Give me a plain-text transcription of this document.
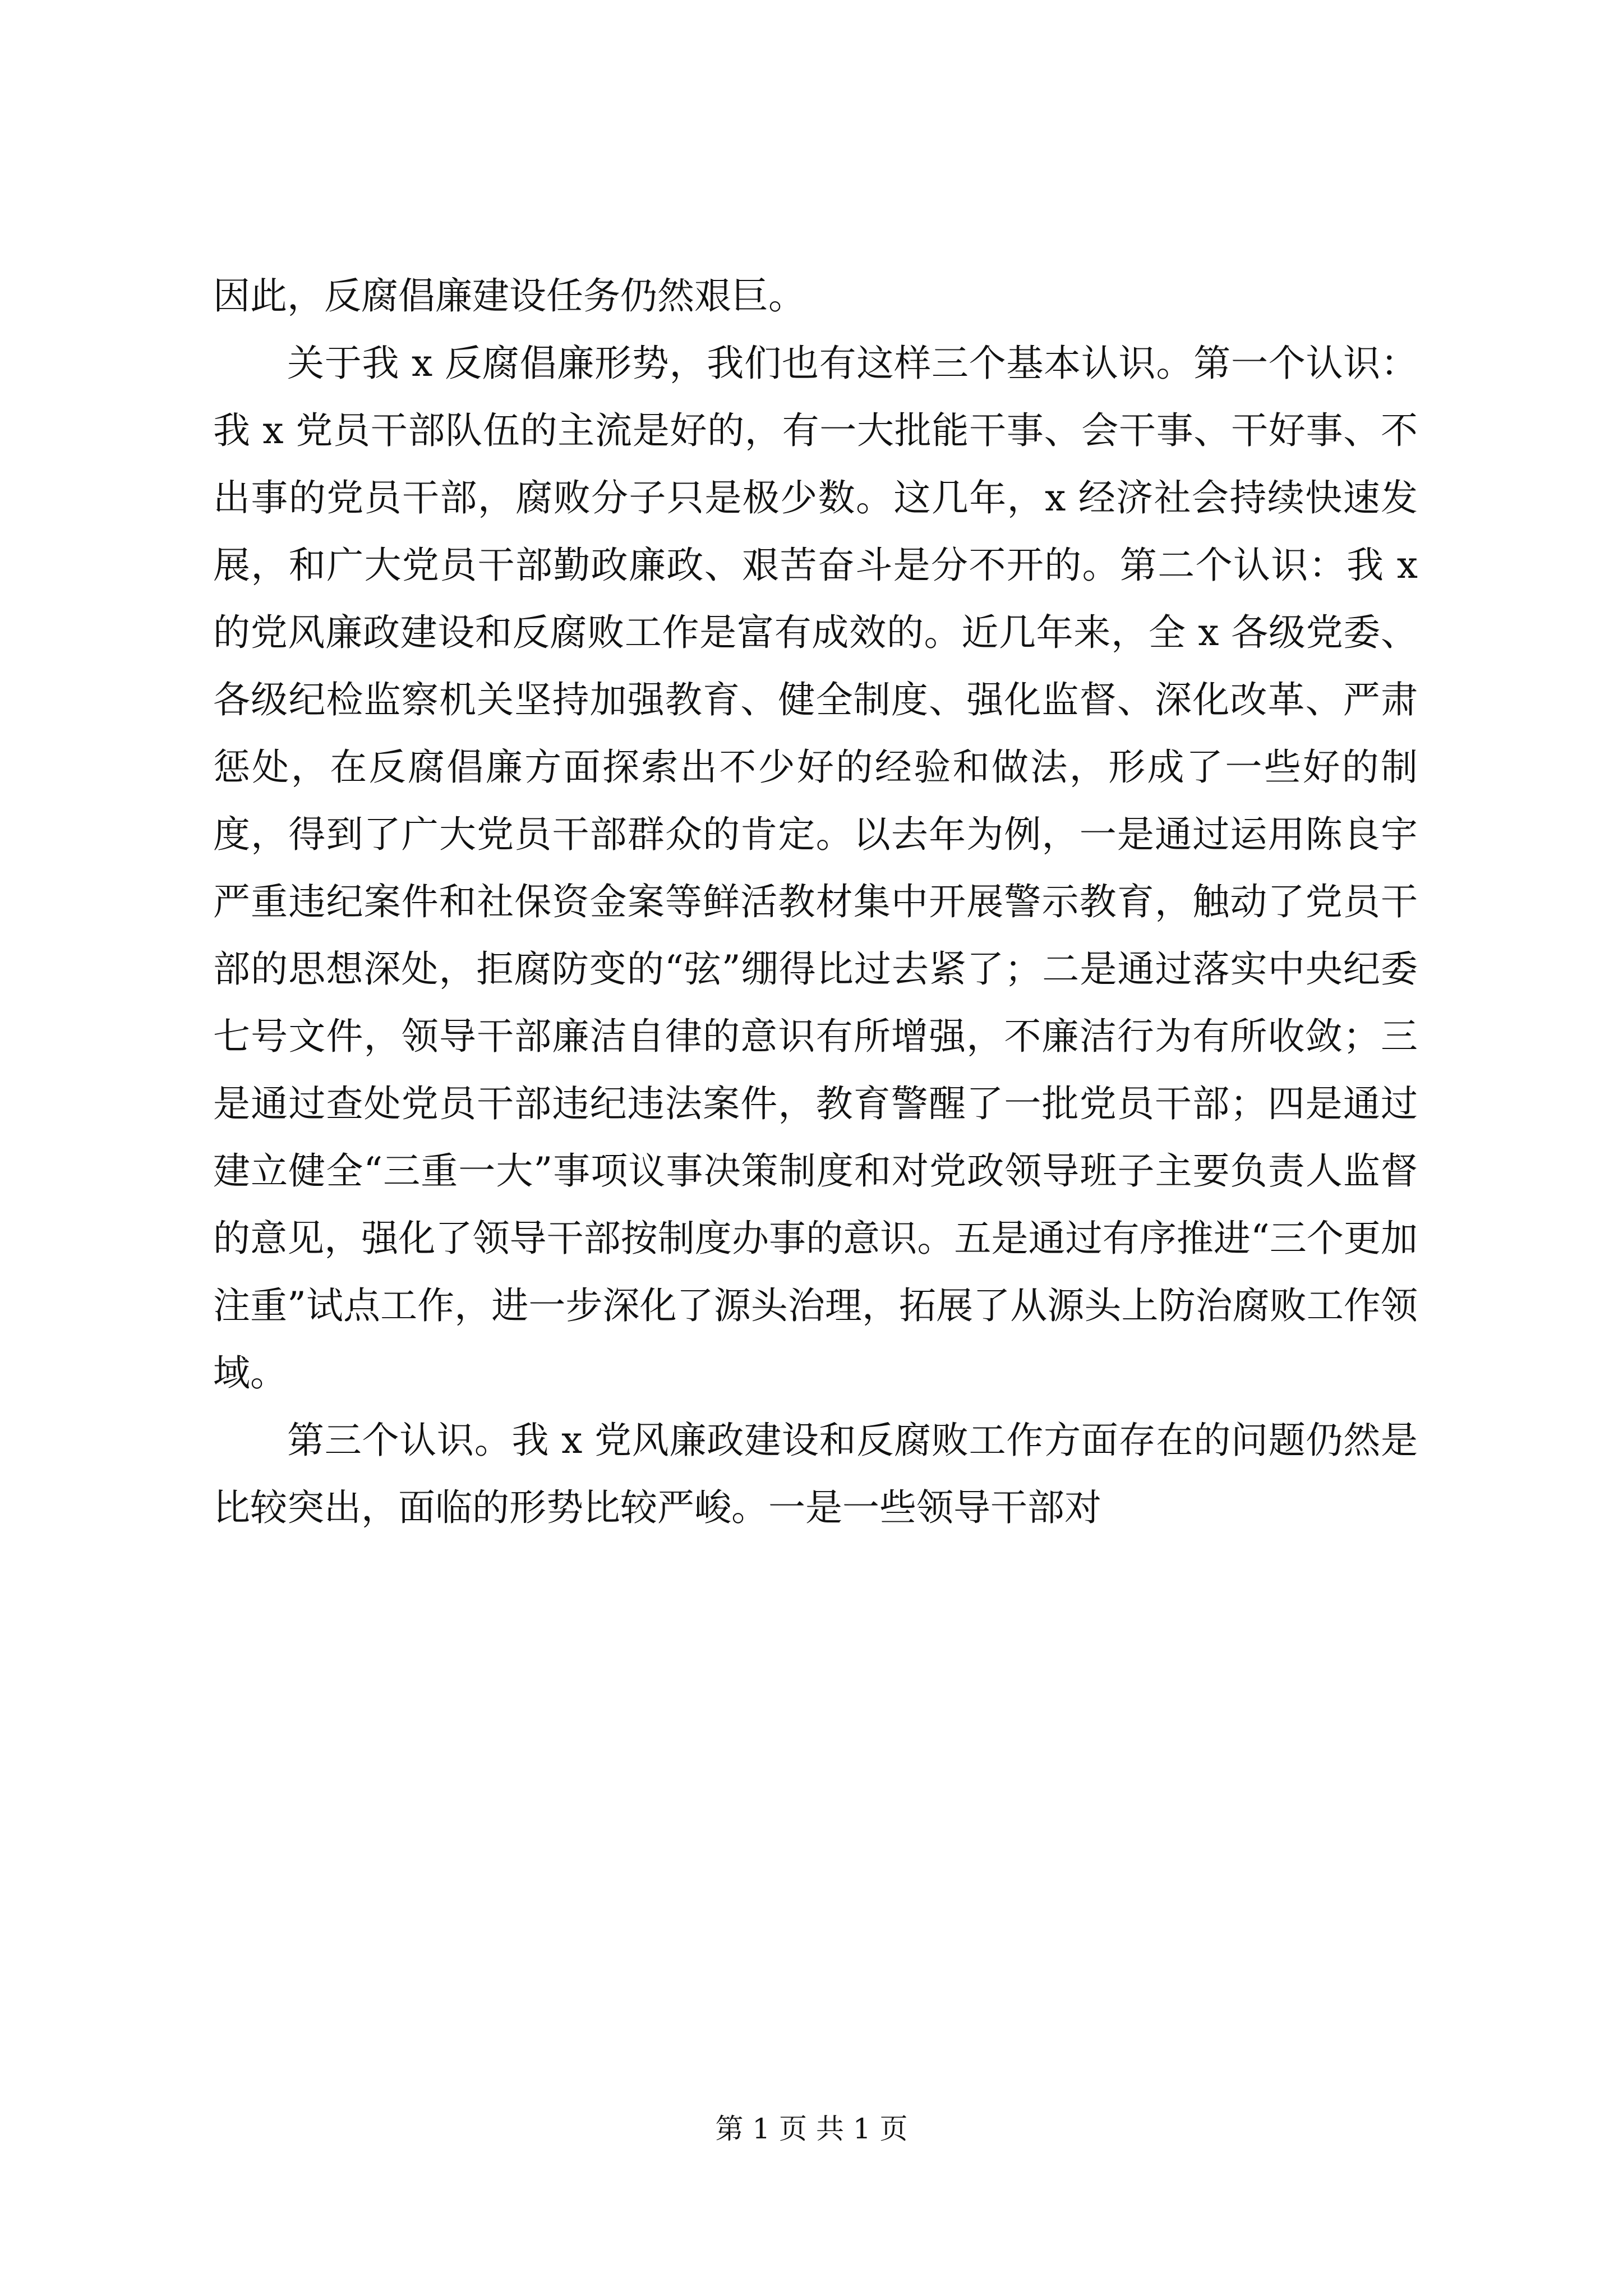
因此，反腐倡廉建设任务仍然艰巨。

关于我 x 反腐倡廉形势，我们也有这样三个基本认识。第一个认识：我 x 党员干部队伍的主流是好的，有一大批能干事、会干事、干好事、不出事的党员干部，腐败分子只是极少数。这几年，x 经济社会持续快速发展，和广大党员干部勤政廉政、艰苦奋斗是分不开的。第二个认识：我 x 的党风廉政建设和反腐败工作是富有成效的。近几年来，全 x 各级党委、各级纪检监察机关坚持加强教育、健全制度、强化监督、深化改革、严肃惩处，在反腐倡廉方面探索出不少好的经验和做法，形成了一些好的制度，得到了广大党员干部群众的肯定。以去年为例，一是通过运用陈良宇严重违纪案件和社保资金案等鲜活教材集中开展警示教育，触动了党员干部的思想深处，拒腐防变的“弦”绷得比过去紧了；二是通过落实中央纪委七号文件，领导干部廉洁自律的意识有所增强，不廉洁行为有所收敛；三是通过查处党员干部违纪违法案件，教育警醒了一批党员干部；四是通过建立健全“三重一大”事项议事决策制度和对党政领导班子主要负责人监督的意见，强化了领导干部按制度办事的意识。五是通过有序推进“三个更加注重”试点工作，进一步深化了源头治理，拓展了从源头上防治腐败工作领域。

第三个认识。我 x 党风廉政建设和反腐败工作方面存在的问题仍然是比较突出，面临的形势比较严峻。一是一些领导干部对

第 1 页 共 1 页
